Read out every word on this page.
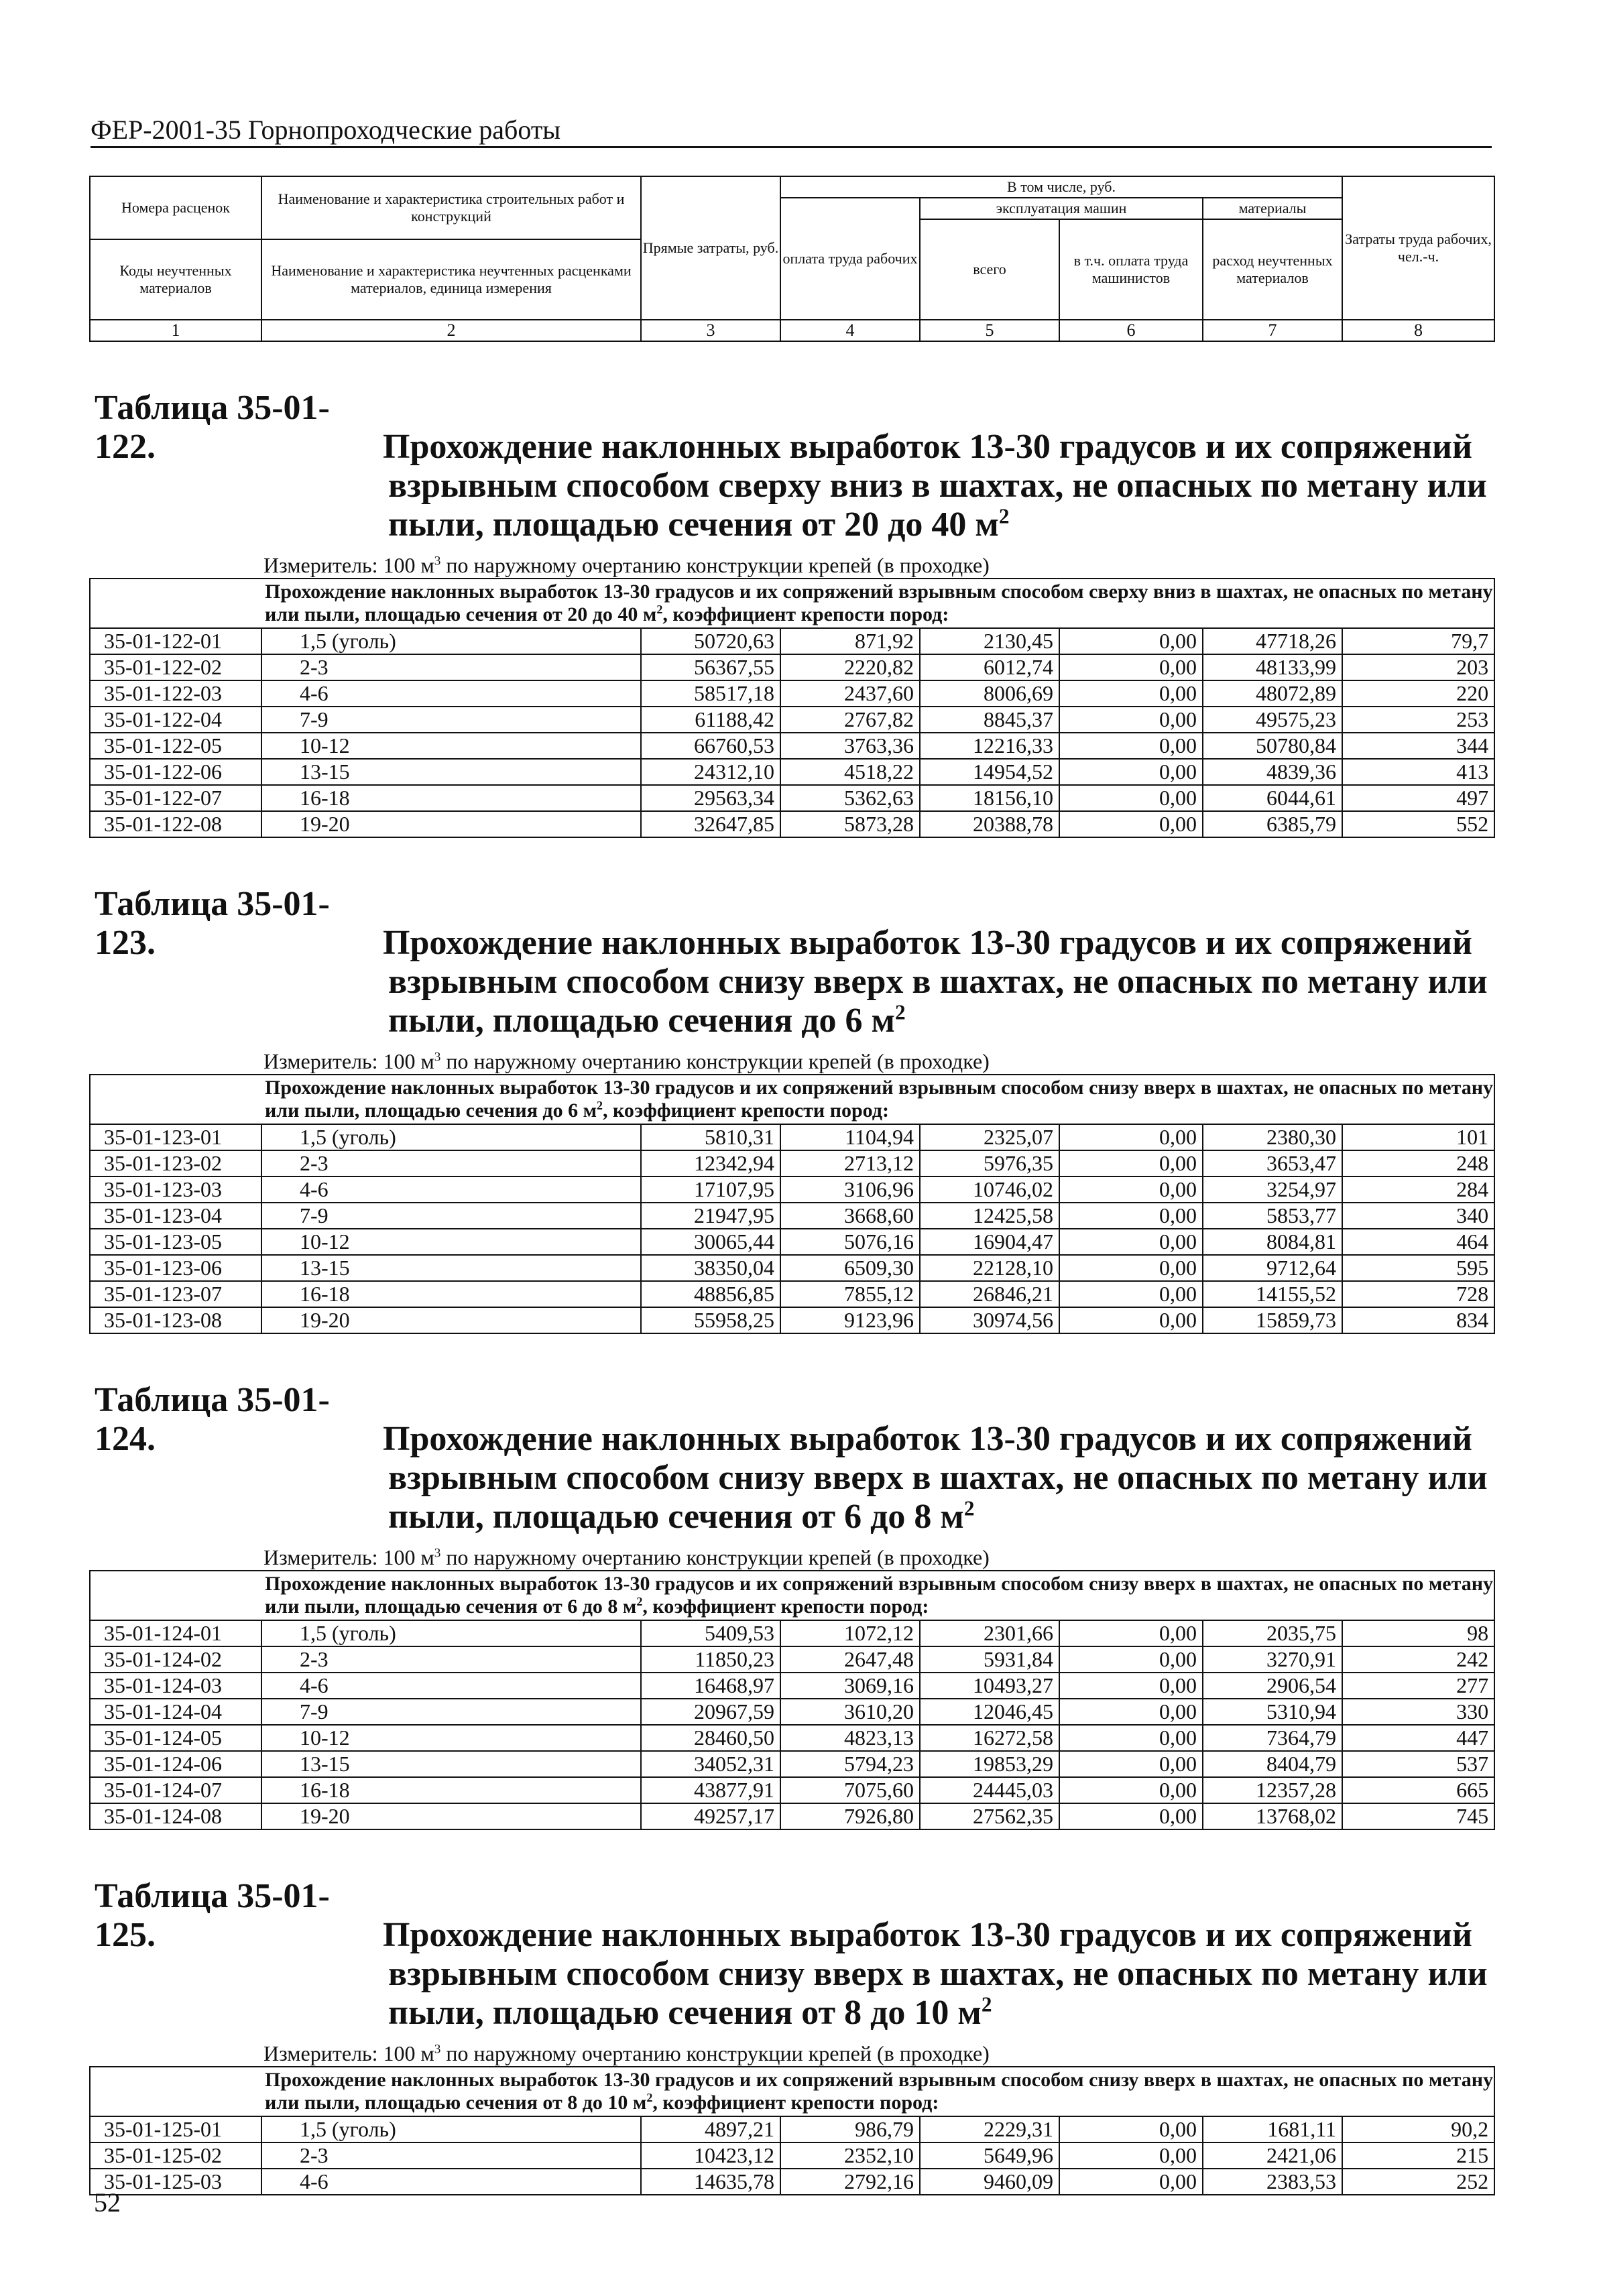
ФЕР-2001-35 Горнопроходческие работы
Номера расценок	Наименование и характеристика строительных работ и конструкций	Прямые затраты, руб.	В том числе, руб.				Затраты труда рабочих, чел.-ч.
			оплата труда рабочих	эксплуатация машин		материалы	
				всего	в т.ч. оплата труда машинистов	расход неучтенных материалов	
Коды неучтенных материалов	Наименование и характеристика неучтенных расценками материалов, единица измерения						

1	2	3	4	5	6	7	8
Таблица 35-01-122.	Прохождение наклонных выработок 13-30 градусов и их сопряжений
взрывным способом сверху вниз в шахтах, не опасных по метану или
пыли, площадью сечения от 20 до 40 $м^2$
Измеритель: 100 $м^3$ по наружному очертанию конструкции крепей (в проходке)
Прохождение наклонных выработок 13-30 градусов и их сопряжений взрывным способом сверху вниз в шахтах, не опасных по метану или пыли, площадью сечения от 20 до 40 $м^2$, коэффициент крепости пород:							
35-01-122-01	1,5 (уголь)	50720,63	871,92	2130,45	0,00	47718,26	79,7
35-01-122-02	2-3	56367,55	2220,82	6012,74	0,00	48133,99	203
35-01-122-03	4-6	58517,18	2437,60	8006,69	0,00	48072,89	220
35-01-122-04	7-9	61188,42	2767,82	8845,37	0,00	49575,23	253
35-01-122-05	10-12	66760,53	3763,36	12216,33	0,00	50780,84	344
35-01-122-06	13-15	24312,10	4518,22	14954,52	0,00	4839,36	413
35-01-122-07	16-18	29563,34	5362,63	18156,10	0,00	6044,61	497
35-01-122-08	19-20	32647,85	5873,28	20388,78	0,00	6385,79	552
Таблица 35-01-123.	Прохождение наклонных выработок 13-30 градусов и их сопряжений
взрывным способом снизу вверх в шахтах, не опасных по метану или
пыли, площадью сечения до 6 $м^2$
Измеритель: 100 $м^3$ по наружному очертанию конструкции крепей (в проходке)
Прохождение наклонных выработок 13-30 градусов и их сопряжений взрывным способом снизу вверх в шахтах, не опасных по метану или пыли, площадью сечения до 6 $м^2$, коэффициент крепости пород:							
35-01-123-01	1,5 (уголь)	5810,31	1104,94	2325,07	0,00	2380,30	101
35-01-123-02	2-3	12342,94	2713,12	5976,35	0,00	3653,47	248
35-01-123-03	4-6	17107,95	3106,96	10746,02	0,00	3254,97	284
35-01-123-04	7-9	21947,95	3668,60	12425,58	0,00	5853,77	340
35-01-123-05	10-12	30065,44	5076,16	16904,47	0,00	8084,81	464
35-01-123-06	13-15	38350,04	6509,30	22128,10	0,00	9712,64	595
35-01-123-07	16-18	48856,85	7855,12	26846,21	0,00	14155,52	728
35-01-123-08	19-20	55958,25	9123,96	30974,56	0,00	15859,73	834
Таблица 35-01-124.	Прохождение наклонных выработок 13-30 градусов и их сопряжений
взрывным способом снизу вверх в шахтах, не опасных по метану или
пыли, площадью сечения от 6 до 8 $м^2$
Измеритель: 100 $м^3$ по наружному очертанию конструкции крепей (в проходке)
Прохождение наклонных выработок 13-30 градусов и их сопряжений взрывным способом снизу вверх в шахтах, не опасных по метану или пыли, площадью сечения от 6 до 8 $м^2$, коэффициент крепости пород:							
35-01-124-01	1,5 (уголь)	5409,53	1072,12	2301,66	0,00	2035,75	98
35-01-124-02	2-3	11850,23	2647,48	5931,84	0,00	3270,91	242
35-01-124-03	4-6	16468,97	3069,16	10493,27	0,00	2906,54	277
35-01-124-04	7-9	20967,59	3610,20	12046,45	0,00	5310,94	330
35-01-124-05	10-12	28460,50	4823,13	16272,58	0,00	7364,79	447
35-01-124-06	13-15	34052,31	5794,23	19853,29	0,00	8404,79	537
35-01-124-07	16-18	43877,91	7075,60	24445,03	0,00	12357,28	665
35-01-124-08	19-20	49257,17	7926,80	27562,35	0,00	13768,02	745
Таблица 35-01-125.	Прохождение наклонных выработок 13-30 градусов и их сопряжений
взрывным способом снизу вверх в шахтах, не опасных по метану или
пыли, площадью сечения от 8 до 10 $м^2$
Измеритель: 100 $м^3$ по наружному очертанию конструкции крепей (в проходке)
Прохождение наклонных выработок 13-30 градусов и их сопряжений взрывным способом снизу вверх в шахтах, не опасных по метану или пыли, площадью сечения от 8 до 10 $м^2$, коэффициент крепости пород:							
35-01-125-01	1,5 (уголь)	4897,21	986,79	2229,31	0,00	1681,11	90,2
35-01-125-02	2-3	10423,12	2352,10	5649,96	0,00	2421,06	215
35-01-125-03	4-6	14635,78	2792,16	9460,09	0,00	2383,53	252
52
